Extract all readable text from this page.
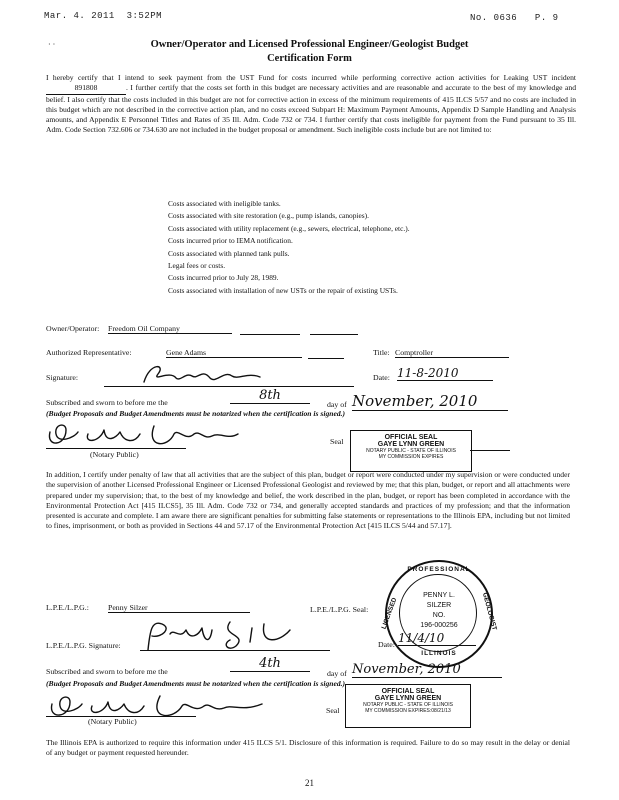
Mar. 4. 2011 3:52PM	No. 0636 P. 9
· ·	Owner/Operator and Licensed Professional Engineer/Geologist Budget
Certification Form
I hereby certify that I intend to seek payment from the UST Fund for costs incurred while performing corrective action activities for Leaking UST incident 891808	. I further certify that the costs set forth in this budget are necessary activities and are reasonable and accurate to the best of my knowledge and belief. I also certify that the costs included in this budget are not for corrective action in excess of the minimum requirements of 415 ILCS 5/57 and no costs are included in this budget which are not described in the corrective action plan, and no costs exceed Subpart H: Maximum Payment Amounts, Appendix D Sample Handling and Analysis amounts, and Appendix E Personnel Titles and Rates of 35 Ill. Adm. Code 732 or 734. I further certify that costs ineligible for payment from the Fund pursuant to 35 Ill. Adm. Code Section 732.606 or 734.630 are not included in the budget proposal or amendment. Such ineligible costs include but are not limited to:
Costs associated with ineligible tanks.
Costs associated with site restoration (e.g., pump islands, canopies).
Costs associated with utility replacement (e.g., sewers, electrical, telephone, etc.).
Costs incurred prior to IEMA notification.
Costs associated with planned tank pulls.
Legal fees or costs.
Costs incurred prior to July 28, 1989.
Costs associated with installation of new USTs or the repair of existing USTs.
Owner/Operator: Freedom Oil Company
Authorized Representative:	Gene Adams	Title: Comptroller
Signature:	Date: 11-8-2010
Subscribed and sworn to before me the	8th
day of November, 2010
(Budget Proposals and Budget Amendments must be notarized when the certification is signed.)
(Notary Public)
Seal	OFFICIAL SEAL
GAYE LYNN GREEN
NOTARY PUBLIC - STATE OF ILLINOIS
MY COMMISSION EXPIRES
In addition, I certify under penalty of law that all activities that are the subject of this plan, budget or report were conducted under my supervision or were conducted under the supervision of another Licensed Professional Engineer or Licensed Professional Geologist and reviewed by me; that this plan, budget, or report and all attachments were prepared under my supervision; that, to the best of my knowledge and belief, the work described in the plan, budget, or report has been completed in accordance with the Environmental Protection Act [415 ILCS5], 35 Ill. Adm. Code 732 or 734, and generally accepted standards and practices of my profession; and that the information presented is accurate and complete. I am aware there are significant penalties for submitting false statements or representations to the Illinois EPA, including but not limited to fines, imprisonment, or both as provided in Sections 44 and 57.17 of the Environmental Protection Act [415 ILCS 5/44 and 57.17].
L.P.E./L.P.G.: Penny Silzer	L.P.E./L.P.G. Seal:
L.P.E./L.P.G. Signature:	Date: 11/4/10
PROFESSIONAL
LICENSED	GEOLOGIST
PENNY L.
SILZER
NO.
196-000256
ILLINOIS
Subscribed and sworn to before me the
4th
day of November, 2010
(Budget Proposals and Budget Amendments must be notarized when the certification is signed.)
(Notary Public)
Seal
OFFICIAL SEAL
GAYE LYNN GREEN
NOTARY PUBLIC - STATE OF ILLINOIS
MY COMMISSION EXPIRES:08/21/13
The Illinois EPA is authorized to require this information under 415 ILCS 5/1. Disclosure of this information is required. Failure to do so may result in the delay or denial of any budget or payment requested hereunder.
21
